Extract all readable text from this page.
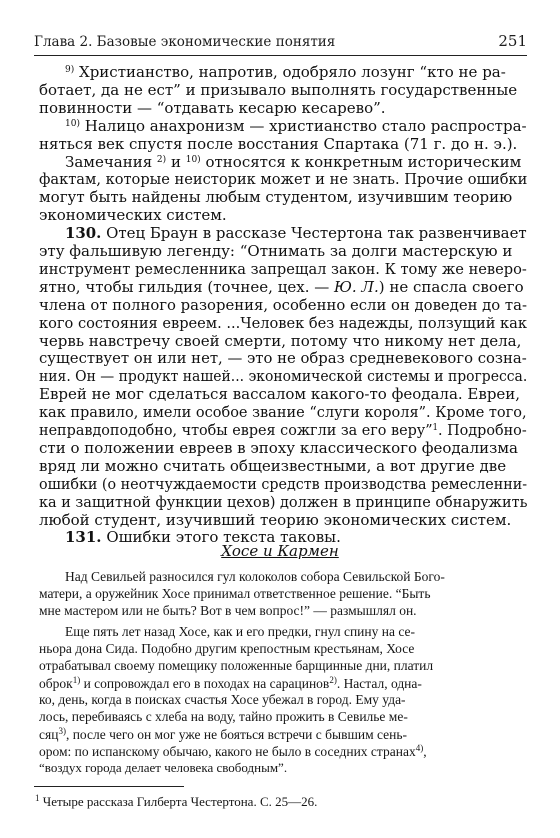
Глава 2. Базовые экономические понятия	251
$^{9)}$ Христианство, напротив, одобряло лозунг “кто не ра-
ботает, да не ест” и призывало выполнять государственные
повинности — “отдавать кесарю кесарево”.
$^{10)}$ Налицо анахронизм — христианство стало распростра-
няться век спустя после восстания Спартака (71 г. до н. э.).
Замечания $^{2)}$ и $^{10)}$ относятся к конкретным историческим
фактам, которые неисторик может и не знать. Прочие ошибки
могут быть найдены любым студентом, изучившим теорию
экономических систем.
130. Отец Браун в рассказе Честертона так развенчивает
эту фальшивую легенду: “Отнимать за долги мастерскую и
инструмент ремесленника запрещал закон. К тому же невеpo-
ятно, чтобы гильдия (точнее, цех. — Ю. Л.) не спасла своего
члена от полного разорения, особенно если он доведен до та-
кого состояния евреем. ...Человек без надежды, ползущий как
червь навстречу своей смерти, потому что никому нет дела,
существует он или нет, — это не образ средневекового созна-
ния. Он — продукт нашей... экономической системы и прогресса.
Еврей не мог сделаться вассалом какого-то феодала. Евреи,
как правило, имели особое звание “слуги короля”. Кроме того,
неправдоподобно, чтобы еврея сожгли за его веру”$^1$. Подробно-
сти о положении евреев в эпоху классического феодализма
вряд ли можно считать общеизвестными, а вот другие две
ошибки (о неотчуждаемости средств производства ремесленни-
ка и защитной функции цехов) должен в принципе обнаружить
любой студент, изучивший теорию экономических систем.
131. Ошибки этого текста таковы.
Хосе и Кармен
Над Севильей разносился гул колоколов собора Севильской Бого-
матери, а оружейник Хосе принимал ответственное решение. “Быть
мне мастером или не быть? Вот в чем вопрос!” — размышлял он.
Еще пять лет назад Хосе, как и его предки, гнул спину на се-
ньора дона Сида. Подобно другим крепостным крестьянам, Хосе
отрабатывал своему помещику положенные барщинные дни, платил
оброк$^{1)}$ и сопровождал его в походах на сарацинов$^{2)}$. Настал, одна-
ко, день, когда в поисках счастья Хосе убежал в город. Ему уда-
лось, перебиваясь с хлеба на воду, тайно прожить в Севилье ме-
сяц$^{3)}$, после чего он мог уже не бояться встречи с бывшим сень-
ором: по испанскому обычаю, какого не было в соседних странах$^{4)}$,
“воздух города делает человека свободным”.
$^1$ Четыре рассказа Гилберта Честертона. С. 25—26.
